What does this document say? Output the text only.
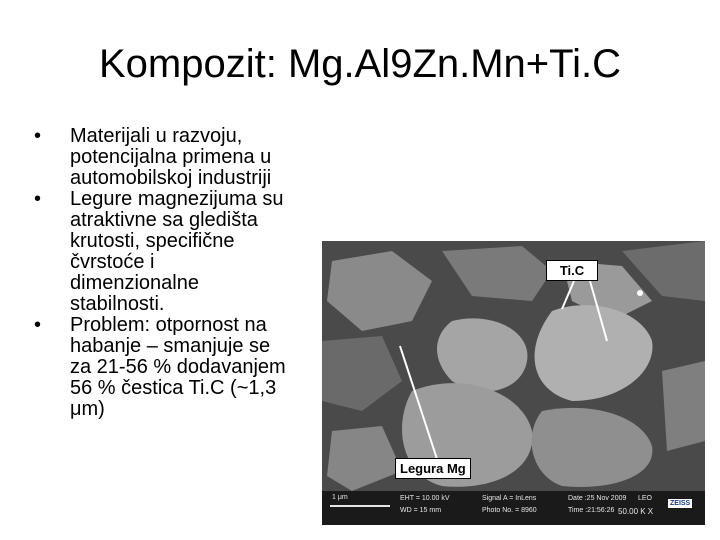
Kompozit: Mg.Al9Zn.Mn+Ti.C
• Materijali u razvoju,
potencijalna primena u
automobilskoj industriji
• Legure magnezijuma su
atraktivne sa gledišta
krutosti, specifične
čvrstoće i
dimenzionalne
stabilnosti.
• Problem: otpornost na
habanje – smanjuje se
za 21-56 % dodavanjem
56 % čestica Ti.C (~1,3
μm)
Ti.C
Legura Mg
1 μm	EHT = 10.00 kV
WD = 15 mm
Signal A = InLens
Photo No. = 8960
Date :25 Nov 2009
Time :21:56:26
LEO
50.00 K X
ZEISS
